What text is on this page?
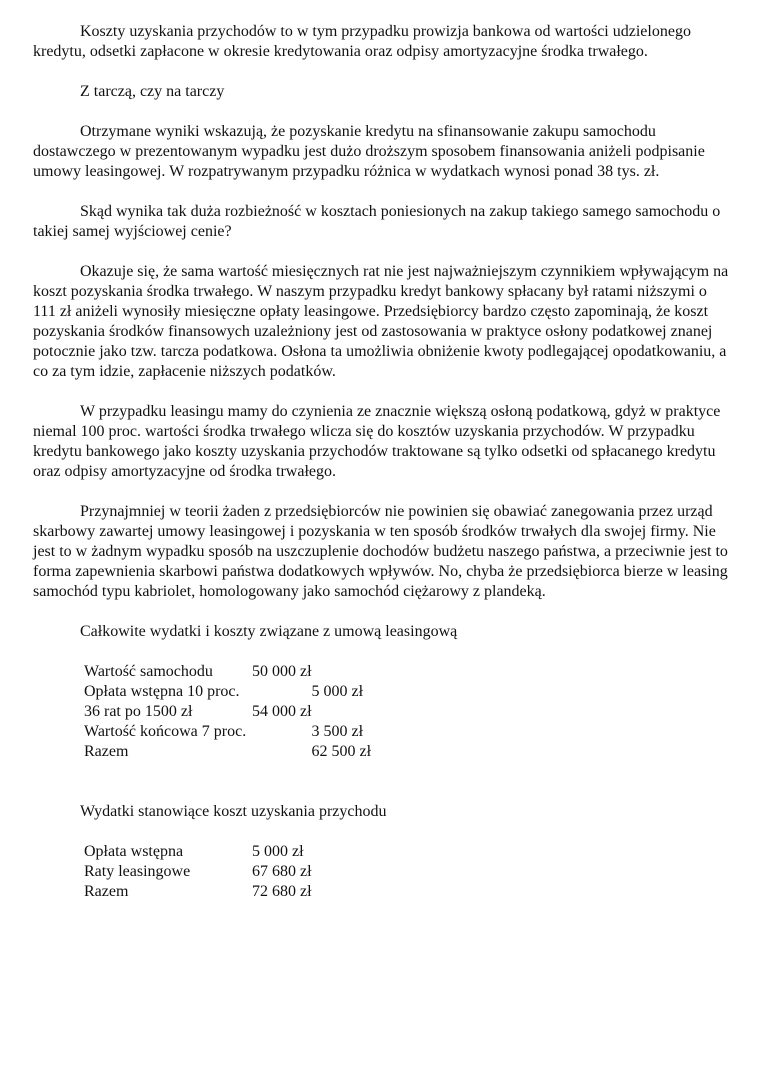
Koszty uzyskania przychodów to w tym przypadku prowizja bankowa od wartości udzielonego kredytu, odsetki zapłacone w okresie kredytowania oraz odpisy amortyzacyjne środka trwałego.

Z tarczą, czy na tarczy

Otrzymane wyniki wskazują, że pozyskanie kredytu na sfinansowanie zakupu samochodu dostawczego w prezentowanym wypadku jest dużo droższym sposobem finansowania aniżeli podpisanie umowy leasingowej. W rozpatrywanym przypadku różnica w wydatkach wynosi ponad 38 tys. zł.

Skąd wynika tak duża rozbieżność w kosztach poniesionych na zakup takiego samego samochodu o takiej samej wyjściowej cenie?

Okazuje się, że sama wartość miesięcznych rat nie jest najważniejszym czynnikiem wpływającym na koszt pozyskania środka trwałego. W naszym przypadku kredyt bankowy spłacany był ratami niższymi o 111 zł aniżeli wynosiły miesięczne opłaty leasingowe. Przedsiębiorcy bardzo często zapominają, że koszt pozyskania środków finansowych uzależniony jest od zastosowania w praktyce osłony podatkowej znanej potocznie jako tzw. tarcza podatkowa. Osłona ta umożliwia obniżenie kwoty podlegającej opodatkowaniu, a co za tym idzie, zapłacenie niższych podatków.

W przypadku leasingu mamy do czynienia ze znacznie większą osłoną podatkową, gdyż w praktyce niemal 100 proc. wartości środka trwałego wlicza się do kosztów uzyskania przychodów. W przypadku kredytu bankowego jako koszty uzyskania przychodów traktowane są tylko odsetki od spłacanego kredytu oraz odpisy amortyzacyjne od środka trwałego.

Przynajmniej w teorii żaden z przedsiębiorców nie powinien się obawiać zanegowania przez urząd skarbowy zawartej umowy leasingowej i pozyskania w ten sposób środków trwałych dla swojej firmy. Nie jest to w żadnym wypadku sposób na uszczuplenie dochodów budżetu naszego państwa, a przeciwnie jest to forma zapewnienia skarbowi państwa dodatkowych wpływów. No, chyba że przedsiębiorca bierze w leasing samochód typu kabriolet, homologowany jako samochód ciężarowy z plandeką.

Całkowite wydatki i koszty związane z umową leasingową
Wartość samochodu	50 000 zł	
Opłata wstępna 10 proc.		5 000 zł
36 rat po 1500 zł	54 000 zł	
Wartość końcowa 7 proc.		3 500 zł
Razem		62 500 zł
Wydatki stanowiące koszt uzyskania przychodu
Opłata wstępna	5 000 zł
Raty leasingowe	67 680 zł
Razem	72 680 zł
